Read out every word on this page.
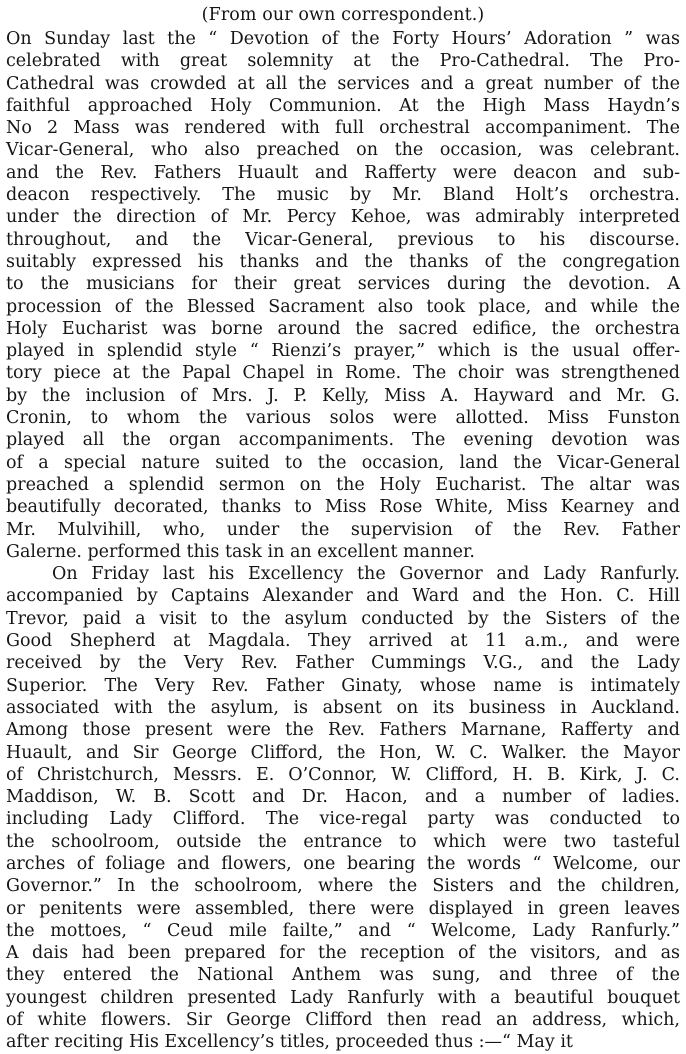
(From our own correspondent.)

On Sunday last the “ Devotion of the Forty Hours’ Adoration ” was
celebrated with great solemnity at the Pro-Cathedral. The Pro-
Cathedral was crowded at all the services and a great number of the
faithful approached Holy Communion. At the High Mass Haydn’s
No 2 Mass was rendered with full orchestral accompaniment. The
Vicar-General, who also preached on the occasion, was celebrant.
and the Rev. Fathers Huault and Rafferty were deacon and sub-
deacon respectively. The music by Mr. Bland Holt’s orchestra.
under the direction of Mr. Percy Kehoe, was admirably interpreted
throughout, and the Vicar-General, previous to his discourse.
suitably expressed his thanks and the thanks of the congregation
to the musicians for their great services during the devotion. A
procession of the Blessed Sacrament also took place, and while the
Holy Eucharist was borne around the sacred edifice, the orchestra
played in splendid style “ Rienzi’s prayer,” which is the usual offer-
tory piece at the Papal Chapel in Rome. The choir was strengthened
by the inclusion of Mrs. J. P. Kelly, Miss A. Hayward and Mr. G.
Cronin, to whom the various solos were allotted. Miss Funston
played all the organ accompaniments. The evening devotion was
of a special nature suited to the occasion, land the Vicar-General
preached a splendid sermon on the Holy Eucharist. The altar was
beautifully decorated, thanks to Miss Rose White, Miss Kearney and
Mr. Mulvihill, who, under the supervision of the Rev. Father
Galerne. performed this task in an excellent manner.
On Friday last his Excellency the Governor and Lady Ranfurly.
accompanied by Captains Alexander and Ward and the Hon. C. Hill
Trevor, paid a visit to the asylum conducted by the Sisters of the
Good Shepherd at Magdala. They arrived at 11 a.m., and were
received by the Very Rev. Father Cummings V.G., and the Lady
Superior. The Very Rev. Father Ginaty, whose name is intimately
associated with the asylum, is absent on its business in Auckland.
Among those present were the Rev. Fathers Marnane, Rafferty and
Huault, and Sir George Clifford, the Hon, W. C. Walker. the Mayor
of Christchurch, Messrs. E. O’Connor, W. Clifford, H. B. Kirk, J. C.
Maddison, W. B. Scott and Dr. Hacon, and a number of ladies.
including Lady Clifford. The vice-regal party was conducted to
the schoolroom, outside the entrance to which were two tasteful
arches of foliage and flowers, one bearing the words “ Welcome, our
Governor.” In the schoolroom, where the Sisters and the children,
or penitents were assembled, there were displayed in green leaves
the mottoes, “ Ceud mile failte,” and “ Welcome, Lady Ranfurly.”
A dais had been prepared for the reception of the visitors, and as
they entered the National Anthem was sung, and three of the
youngest children presented Lady Ranfurly with a beautiful bouquet
of white flowers. Sir George Clifford then read an address, which,
after reciting His Excellency’s titles, proceeded thus :—“ May it
